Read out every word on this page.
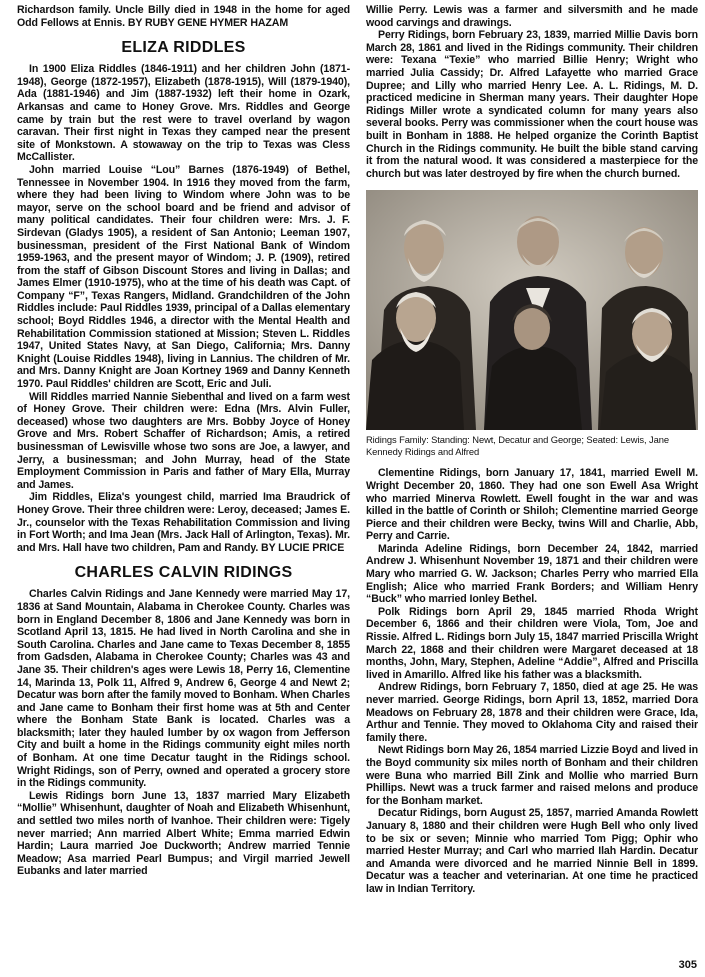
Richardson family. Uncle Billy died in 1948 in the home for aged Odd Fellows at Ennis. BY RUBY GENE HYMER HAZAM

ELIZA RIDDLES

In 1900 Eliza Riddles (1846-1911) and her children John (1871-1948), George (1872-1957), Elizabeth (1878-1915), Will (1879-1940), Ada (1881-1946) and Jim (1887-1932) left their home in Ozark, Arkansas and came to Honey Grove. Mrs. Riddles and George came by train but the rest were to travel overland by wagon caravan. Their first night in Texas they camped near the present site of Monkstown. A stowaway on the trip to Texas was Cless McCallister.

John married Louise “Lou” Barnes (1876-1949) of Bethel, Tennessee in November 1904. In 1916 they moved from the farm, where they had been living to Windom where John was to be mayor, serve on the school board and be friend and advisor of many political candidates. Their four children were: Mrs. J. F. Sirdevan (Gladys 1905), a resident of San Antonio; Leeman 1907, businessman, president of the First National Bank of Windom 1959-1963, and the present mayor of Windom; J. P. (1909), retired from the staff of Gibson Discount Stores and living in Dallas; and James Elmer (1910-1975), who at the time of his death was Capt. of Company “F”, Texas Rangers, Midland. Grandchildren of the John Riddles include: Paul Riddles 1939, principal of a Dallas elementary school; Boyd Riddles 1946, a director with the Mental Health and Rehabilitation Commission stationed at Mission; Steven L. Riddles 1947, United States Navy, at San Diego, California; Mrs. Danny Knight (Louise Riddles 1948), living in Lannius. The children of Mr. and Mrs. Danny Knight are Joan Kortney 1969 and Danny Kenneth 1970. Paul Riddles' children are Scott, Eric and Juli.

Will Riddles married Nannie Siebenthal and lived on a farm west of Honey Grove. Their children were: Edna (Mrs. Alvin Fuller, deceased) whose two daughters are Mrs. Bobby Joyce of Honey Grove and Mrs. Robert Schaffer of Richardson; Amis, a retired businessman of Lewisville whose two sons are Joe, a lawyer, and Jerry, a businessman; and John Murray, head of the State Employment Commission in Paris and father of Mary Ella, Murray and James.

Jim Riddles, Eliza's youngest child, married Ima Braudrick of Honey Grove. Their three children were: Leroy, deceased; James E. Jr., counselor with the Texas Rehabilitation Commission and living in Fort Worth; and Ima Jean (Mrs. Jack Hall of Arlington, Texas). Mr. and Mrs. Hall have two children, Pam and Randy. BY LUCIE PRICE

CHARLES CALVIN RIDINGS

Charles Calvin Ridings and Jane Kennedy were married May 17, 1836 at Sand Mountain, Alabama in Cherokee County. Charles was born in England December 8, 1806 and Jane Kennedy was born in Scotland April 13, 1815. He had lived in North Carolina and she in South Carolina. Charles and Jane came to Texas December 8, 1855 from Gadsden, Alabama in Cherokee County; Charles was 43 and Jane 35. Their children's ages were Lewis 18, Perry 16, Clementine 14, Marinda 13, Polk 11, Alfred 9, Andrew 6, George 4 and Newt 2; Decatur was born after the family moved to Bonham. When Charles and Jane came to Bonham their first home was at 5th and Center where the Bonham State Bank is located. Charles was a blacksmith; later they hauled lumber by ox wagon from Jefferson City and built a home in the Ridings community eight miles north of Bonham. At one time Decatur taught in the Ridings school. Wright Ridings, son of Perry, owned and operated a grocery store in the Ridings community.

Lewis Ridings born June 13, 1837 married Mary Elizabeth “Mollie” Whisenhunt, daughter of Noah and Elizabeth Whisenhunt, and settled two miles north of Ivanhoe. Their children were: Tigely never married; Ann married Albert White; Emma married Edwin Hardin; Laura married Joe Duckworth; Andrew married Tennie Meadow; Asa married Pearl Bumpus; and Virgil married Jewell Eubanks and later married

Willie Perry. Lewis was a farmer and silversmith and he made wood carvings and drawings.

Perry Ridings, born February 23, 1839, married Millie Davis born March 28, 1861 and lived in the Ridings community. Their children were: Texana “Texie” who married Billie Henry; Wright who married Julia Cassidy; Dr. Alfred Lafayette who married Grace Dupree; and Lilly who married Henry Lee. A. L. Ridings, M. D. practiced medicine in Sherman many years. Their daughter Hope Ridings Miller wrote a syndicated column for many years also several books. Perry was commissioner when the court house was built in Bonham in 1888. He helped organize the Corinth Baptist Church in the Ridings community. He built the bible stand carving it from the natural wood. It was considered a masterpiece for the church but was later destroyed by fire when the church burned.

Ridings Family: Standing: Newt, Decatur and George; Seated: Lewis, Jane Kennedy Ridings and Alfred

Clementine Ridings, born January 17, 1841, married Ewell M. Wright December 20, 1860. They had one son Ewell Asa Wright who married Minerva Rowlett. Ewell fought in the war and was killed in the battle of Corinth or Shiloh; Clementine married George Pierce and their children were Becky, twins Will and Charlie, Abb, Perry and Carrie.

Marinda Adeline Ridings, born December 24, 1842, married Andrew J. Whisenhunt November 19, 1871 and their children were Mary who married G. W. Jackson; Charles Perry who married Ella English; Alice who married Frank Borders; and William Henry “Buck” who married Ionley Bethel.

Polk Ridings born April 29, 1845 married Rhoda Wright December 6, 1866 and their children were Viola, Tom, Joe and Rissie. Alfred L. Ridings born July 15, 1847 married Priscilla Wright March 22, 1868 and their children were Margaret deceased at 18 months, John, Mary, Stephen, Adeline “Addie”, Alfred and Priscilla lived in Amarillo. Alfred like his father was a blacksmith.

Andrew Ridings, born February 7, 1850, died at age 25. He was never married. George Ridings, born April 13, 1852, married Dora Meadows on February 28, 1878 and their children were Grace, Ida, Arthur and Tennie. They moved to Oklahoma City and raised their family there.

Newt Ridings born May 26, 1854 married Lizzie Boyd and lived in the Boyd community six miles north of Bonham and their children were Buna who married Bill Zink and Mollie who married Burn Phillips. Newt was a truck farmer and raised melons and produce for the Bonham market.

Decatur Ridings, born August 25, 1857, married Amanda Rowlett January 8, 1880 and their children were Hugh Bell who only lived to be six or seven; Minnie who married Tom Pigg; Ophir who married Hester Murray; and Carl who married Ilah Hardin. Decatur and Amanda were divorced and he married Ninnie Bell in 1899. Decatur was a teacher and veterinarian. At one time he practiced law in Indian Territory.

305
